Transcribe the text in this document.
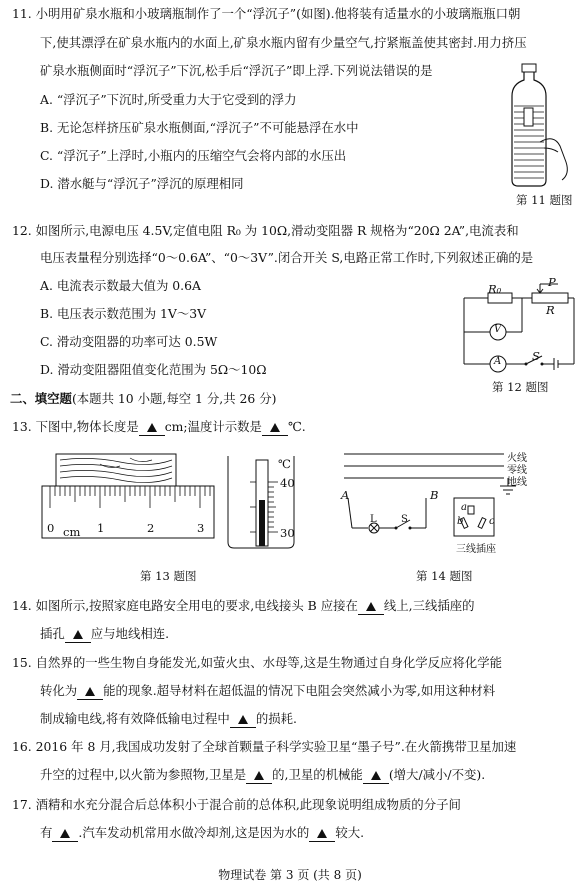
11. 小明用矿泉水瓶和小玻璃瓶制作了一个“浮沉子”(如图).他将装有适量水的小玻璃瓶瓶口朝
下,使其漂浮在矿泉水瓶内的水面上,矿泉水瓶内留有少量空气,拧紧瓶盖使其密封.用力挤压
矿泉水瓶侧面时“浮沉子”下沉,松手后“浮沉子”即上浮.下列说法错误的是
A. “浮沉子”下沉时,所受重力大于它受到的浮力
B. 无论怎样挤压矿泉水瓶侧面,“浮沉子”不可能悬浮在水中
C. “浮沉子”上浮时,小瓶内的压缩空气会将内部的水压出
D. 潜水艇与“浮沉子”浮沉的原理相同
第 11 题图
12. 如图所示,电源电压 4.5V,定值电阻 R₀ 为 10Ω,滑动变阻器 R 规格为“20Ω 2A”,电流表和
电压表量程分别选择“0～0.6A”、“0～3V”.闭合开关 S,电路正常工作时,下列叙述正确的是
A. 电流表示数最大值为 0.6A
B. 电压表示数范围为 1V～3V
C. 滑动变阻器的功率可达 0.5W
D. 滑动变阻器阻值变化范围为 5Ω～10Ω
R₀	P
R
V
A	S
第 12 题图
二、填空题(本题共 10 小题,每空 1 分,共 26 分)
13. 下图中,物体长度是 cm;温度计示数是 ℃.
0 cm 1	2	3
℃
40
30
第 13 题图
火线
零线
地线
A	B
L S
a
b	c
三线插座
第 14 题图
14. 如图所示,按照家庭电路安全用电的要求,电线接头 B 应接在 线上,三线插座的
插孔 应与地线相连.
15. 自然界的一些生物自身能发光,如萤火虫、水母等,这是生物通过自身化学反应将化学能
转化为 能的现象.超导材料在超低温的情况下电阻会突然减小为零,如用这种材料
制成输电线,将有效降低输电过程中 的损耗.
16. 2016 年 8 月,我国成功发射了全球首颗量子科学实验卫星“墨子号”.在火箭携带卫星加速
升空的过程中,以火箭为参照物,卫星是 的,卫星的机械能 (增大/减小/不变).
17. 酒精和水充分混合后总体积小于混合前的总体积,此现象说明组成物质的分子间
有 .汽车发动机常用水做冷却剂,这是因为水的 较大.
物理试卷 第 3 页 (共 8 页)
